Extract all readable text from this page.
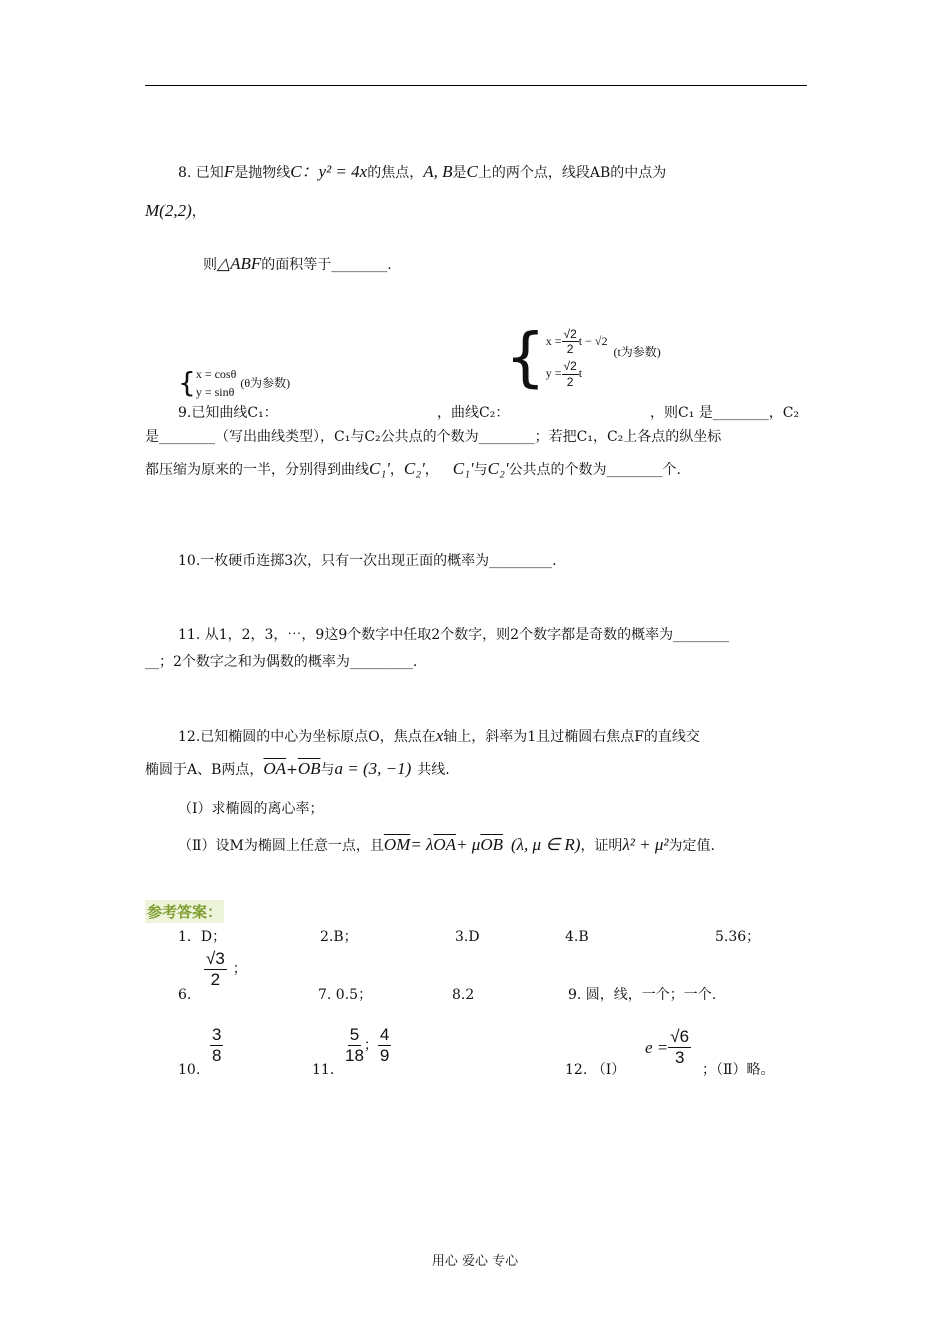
8. 已知F是抛物线C：y² = 4x的焦点，A, B是C上的两个点，线段AB的中点为
M(2,2)，
则△ABF的面积等于________.
{ x = cosθ
y = sinθ
(θ为参数)	{ $x = \frac{√2}{2}$ t − √2
$y = \frac{√2}{2}$ t
(t为参数)
9.已知曲线C₁：	，曲线C₂：	，则C₁ 是________，C₂
是________（写出曲线类型），C₁与C₂公共点的个数为________；若把C₁，C₂上各点的纵坐标
都压缩为原来的一半，分别得到曲线C₁'，C₂'， C₁'与C₂'公共点的个数为________个.
10.一枚硬币连掷3次，只有一次出现正面的概率为_________.
11. 从1，2，3，⋯，9这9个数字中任取2个数字，则2个数字都是奇数的概率为________
__；2个数字之和为偶数的概率为_________.
12.已知椭圆的中心为坐标原点O，焦点在x轴上，斜率为1且过椭圆右焦点F的直线交
椭圆于A、B两点，$\overline{OA}+\overline{OB}$与a = (3, −1) 共线.
（Ⅰ）求椭圆的离心率；
（Ⅱ）设M为椭圆上任意一点，且$\overline{OM}= \lambda\overline{OA}+ \mu\overline{OB}$ (λ, μ ∈ R)，证明λ² + μ²为定值.
参考答案：
1．D；	2.B；	3.D	4.B	5.36；
6.
$\frac{√3}{2}$ ；
7. 0.5；	8.2	9. 圆，线，一个；一个.
10.
$\frac{3}{8}$
11.
$\frac{5}{18}$ ； $\frac{4}{9}$
12. （Ⅰ）
$e = \frac{√6}{3}$
；（Ⅱ）略。
用心 爱心 专心
